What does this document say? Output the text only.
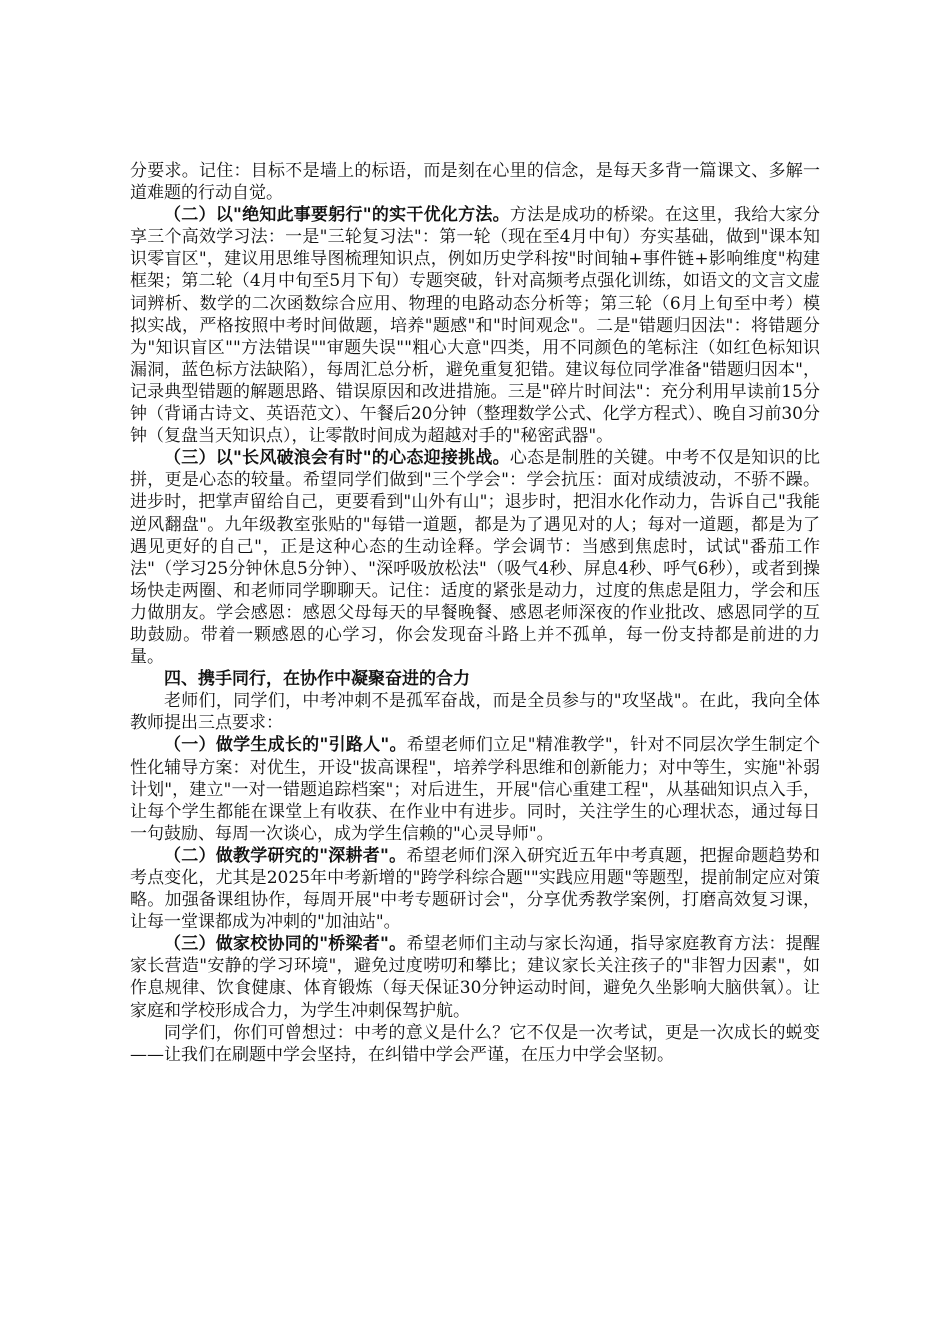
分要求。记住：目标不是墙上的标语，而是刻在心里的信念，是每天多背一篇课文、多解一道难题的行动自觉。

（二）以"绝知此事要躬行"的实干优化方法。方法是成功的桥梁。在这里，我给大家分享三个高效学习法：一是"三轮复习法"：第一轮（现在至4月中旬）夯实基础，做到"课本知识零盲区"，建议用思维导图梳理知识点，例如历史学科按"时间轴+事件链+影响维度"构建框架；第二轮（4月中旬至5月下旬）专题突破，针对高频考点强化训练，如语文的文言文虚词辨析、数学的二次函数综合应用、物理的电路动态分析等；第三轮（6月上旬至中考）模拟实战，严格按照中考时间做题，培养"题感"和"时间观念"。二是"错题归因法"：将错题分为"知识盲区""方法错误""审题失误""粗心大意"四类，用不同颜色的笔标注（如红色标知识漏洞，蓝色标方法缺陷），每周汇总分析，避免重复犯错。建议每位同学准备"错题归因本"，记录典型错题的解题思路、错误原因和改进措施。三是"碎片时间法"：充分利用早读前15分钟（背诵古诗文、英语范文）、午餐后20分钟（整理数学公式、化学方程式）、晚自习前30分钟（复盘当天知识点），让零散时间成为超越对手的"秘密武器"。

（三）以"长风破浪会有时"的心态迎接挑战。心态是制胜的关键。中考不仅是知识的比拼，更是心态的较量。希望同学们做到"三个学会"：学会抗压：面对成绩波动，不骄不躁。进步时，把掌声留给自己，更要看到"山外有山"；退步时，把泪水化作动力，告诉自己"我能逆风翻盘"。九年级教室张贴的"每错一道题，都是为了遇见对的人；每对一道题，都是为了遇见更好的自己"，正是这种心态的生动诠释。学会调节：当感到焦虑时，试试"番茄工作法"（学习25分钟休息5分钟）、"深呼吸放松法"（吸气4秒、屏息4秒、呼气6秒），或者到操场快走两圈、和老师同学聊聊天。记住：适度的紧张是动力，过度的焦虑是阻力，学会和压力做朋友。学会感恩：感恩父母每天的早餐晚餐、感恩老师深夜的作业批改、感恩同学的互助鼓励。带着一颗感恩的心学习，你会发现奋斗路上并不孤单，每一份支持都是前进的力量。

四、携手同行，在协作中凝聚奋进的合力

老师们，同学们，中考冲刺不是孤军奋战，而是全员参与的"攻坚战"。在此，我向全体教师提出三点要求：

（一）做学生成长的"引路人"。希望老师们立足"精准教学"，针对不同层次学生制定个性化辅导方案：对优生，开设"拔高课程"，培养学科思维和创新能力；对中等生，实施"补弱计划"，建立"一对一错题追踪档案"；对后进生，开展"信心重建工程"，从基础知识点入手，让每个学生都能在课堂上有收获、在作业中有进步。同时，关注学生的心理状态，通过每日一句鼓励、每周一次谈心，成为学生信赖的"心灵导师"。

（二）做教学研究的"深耕者"。希望老师们深入研究近五年中考真题，把握命题趋势和考点变化，尤其是2025年中考新增的"跨学科综合题""实践应用题"等题型，提前制定应对策略。加强备课组协作，每周开展"中考专题研讨会"，分享优秀教学案例，打磨高效复习课，让每一堂课都成为冲刺的"加油站"。

（三）做家校协同的"桥梁者"。希望老师们主动与家长沟通，指导家庭教育方法：提醒家长营造"安静的学习环境"，避免过度唠叨和攀比；建议家长关注孩子的"非智力因素"，如作息规律、饮食健康、体育锻炼（每天保证30分钟运动时间，避免久坐影响大脑供氧）。让家庭和学校形成合力，为学生冲刺保驾护航。

同学们，你们可曾想过：中考的意义是什么？它不仅是一次考试，更是一次成长的蜕变——让我们在刷题中学会坚持，在纠错中学会严谨，在压力中学会坚韧。
